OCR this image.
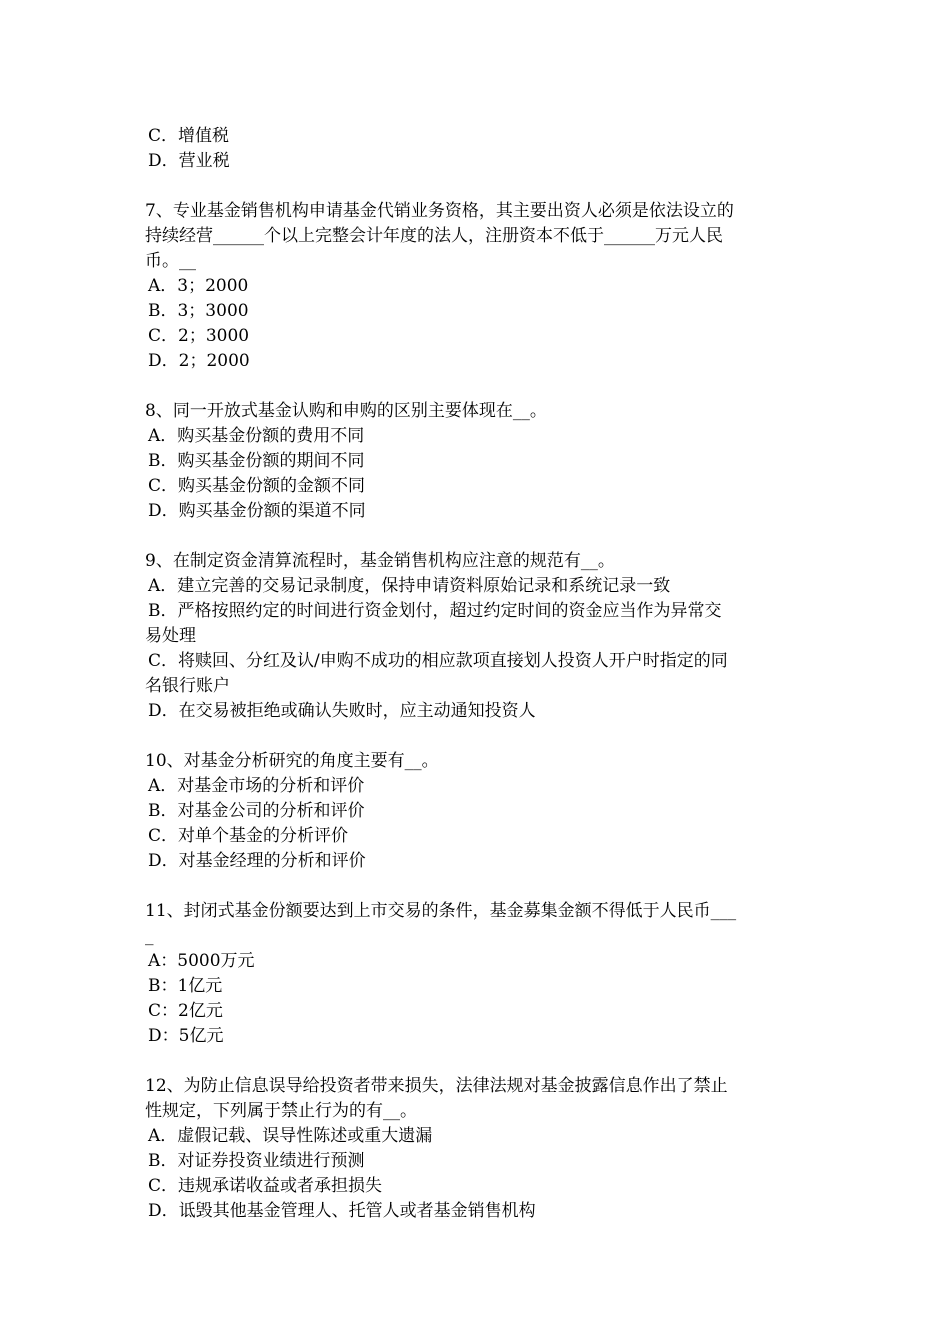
C．增值税
D．营业税
7、专业基金销售机构申请基金代销业务资格，其主要出资人必须是依法设立的
持续经营______个以上完整会计年度的法人，注册资本不低于______万元人民
币。__
A．3；2000
B．3；3000
C．2；3000
D．2；2000
8、同一开放式基金认购和申购的区别主要体现在__。
A．购买基金份额的费用不同
B．购买基金份额的期间不同
C．购买基金份额的金额不同
D．购买基金份额的渠道不同
9、在制定资金清算流程时，基金销售机构应注意的规范有__。
A．建立完善的交易记录制度，保持申请资料原始记录和系统记录一致
B．严格按照约定的时间进行资金划付，超过约定时间的资金应当作为异常交
易处理
C．将赎回、分红及认/申购不成功的相应款项直接划人投资人开户时指定的同
名银行账户
D．在交易被拒绝或确认失败时，应主动通知投资人
10、对基金分析研究的角度主要有__。
A．对基金市场的分析和评价
B．对基金公司的分析和评价
C．对单个基金的分析评价
D．对基金经理的分析和评价
11、封闭式基金份额要达到上市交易的条件，基金募集金额不得低于人民币___
_
A：5000万元
B：1亿元
C：2亿元
D：5亿元
12、为防止信息误导给投资者带来损失，法律法规对基金披露信息作出了禁止
性规定，下列属于禁止行为的有__。
A．虚假记载、误导性陈述或重大遗漏
B．对证券投资业绩进行预测
C．违规承诺收益或者承担损失
D．诋毁其他基金管理人、托管人或者基金销售机构
